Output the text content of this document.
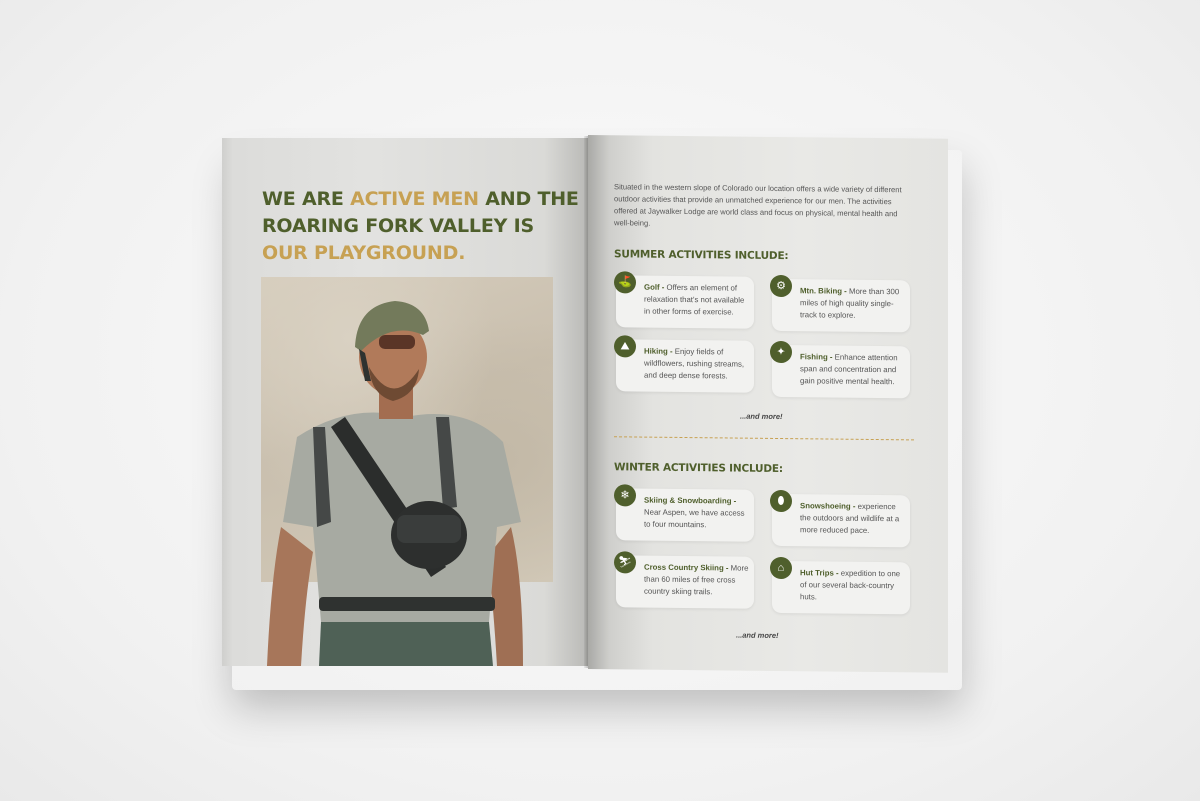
WE ARE ACTIVE MEN AND THE ROARING FORK VALLEY IS OUR PLAYGROUND.
Situated in the western slope of Colorado our location offers a wide variety of different outdoor activities that provide an unmatched experience for our men. The activities offered at Jaywalker Lodge are world class and focus on physical, mental health and well-being.
SUMMER ACTIVITIES INCLUDE:
⛳	Golf - Offers an element of relaxation that's not available in other forms of exercise.
⚙	Mtn. Biking - More than 300 miles of high quality single-track to explore.
⛰	Hiking - Enjoy fields of wildflowers, rushing streams, and deep dense forests.
✦	Fishing - Enhance attention span and concentration and gain positive mental health.
...and more!
WINTER ACTIVITIES INCLUDE:
❄	Skiing & Snowboarding - Near Aspen, we have access to four mountains.
⬮	Snowshoeing - experience the outdoors and wildlife at a more reduced pace.
⛷	Cross Country Skiing - More than 60 miles of free cross country skiing trails.
⌂	Hut Trips - expedition to one of our several back-country huts.
...and more!
